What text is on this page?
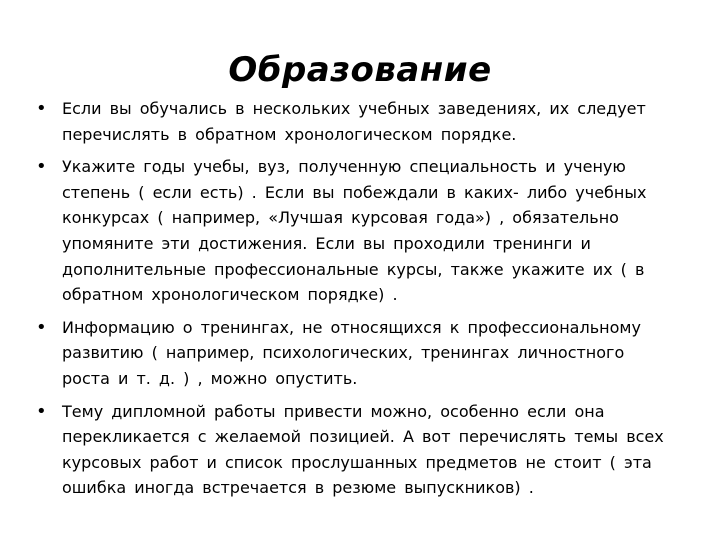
Образование
• Если вы обучались в нескольких учебных заведениях, их следует перечислять в обратном хронологическом порядке.
• Укажите годы учебы, вуз, полученную специальность и ученую степень ( если есть) . Если вы побеждали в каких- либо учебных конкурсах ( например, «Лучшая курсовая года») , обязательно упомяните эти достижения. Если вы проходили тренинги и дополнительные профессиональные курсы, также укажите их ( в обратном хронологическом порядке) .
• Информацию о тренингах, не относящихся к профессиональному развитию ( например, психологических, тренингах личностного роста и т. д. ) , можно опустить.
• Тему дипломной работы привести можно, особенно если она перекликается с желаемой позицией. А вот перечислять темы всех курсовых работ и список прослушанных предметов не стоит ( эта ошибка иногда встречается в резюме выпускников) .
